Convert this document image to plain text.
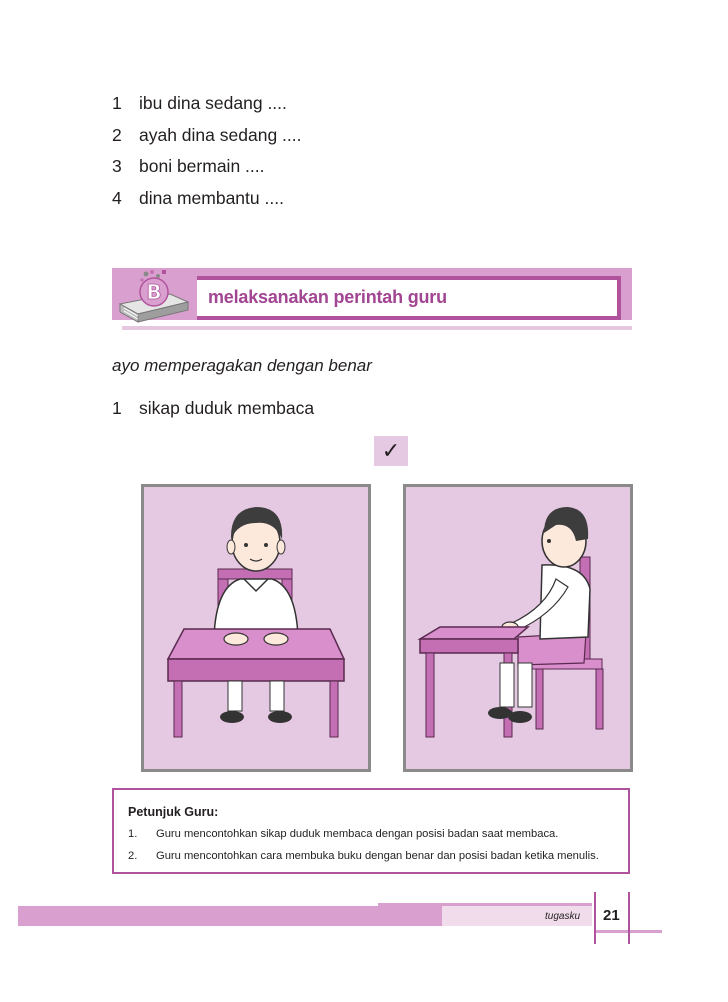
1 ibu dina sedang ....
2 ayah dina sedang ....
3 boni bermain ....
4 dina membantu ....
B	melaksanakan perintah guru
ayo memperagakan dengan benar
1 sikap duduk membaca
✓
Petunjuk Guru:
1. Guru mencontohkan sikap duduk membaca dengan posisi badan saat membaca.
2. Guru mencontohkan cara membuka buku dengan benar dan posisi badan ketika menulis.
tugasku 21
